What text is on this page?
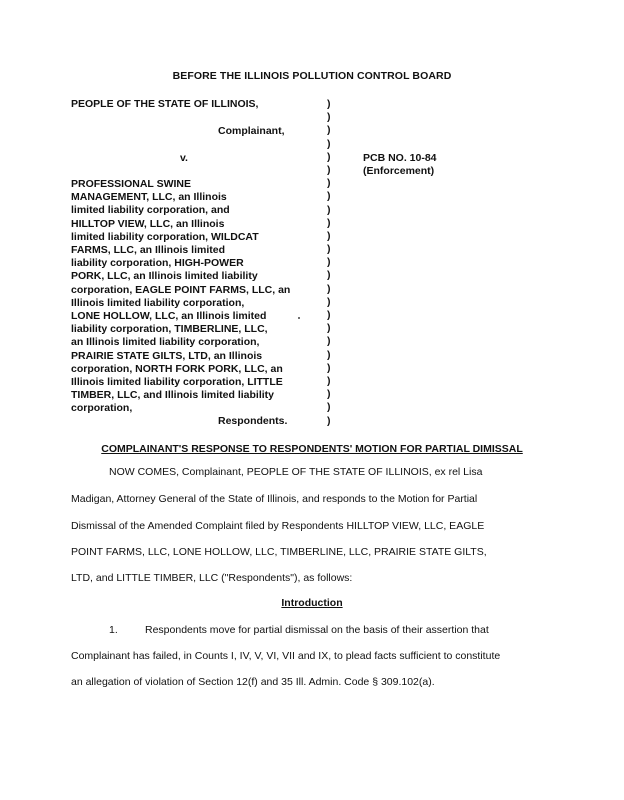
BEFORE THE ILLINOIS POLLUTION CONTROL BOARD
PEOPLE OF THE STATE OF ILLINOIS,
Complainant,
v.
PROFESSIONAL SWINE
MANAGEMENT, LLC, an Illinois
limited liability corporation, and
HILLTOP VIEW, LLC, an Illinois
limited liability corporation, WILDCAT
FARMS, LLC, an Illinois limited
liability corporation, HIGH-POWER
PORK, LLC, an Illinois limited liability
corporation, EAGLE POINT FARMS, LLC, an
Illinois limited liability corporation,
LONE HOLLOW, LLC, an Illinois limited
liability corporation, TIMBERLINE, LLC,
an Illinois limited liability corporation,
PRAIRIE STATE GILTS, LTD, an Illinois
corporation, NORTH FORK PORK, LLC, an
Illinois limited liability corporation, LITTLE
TIMBER, LLC, and Illinois limited liability
corporation,
Respondents.
)
)
)
)
)
)
)
)
)
)
)
)
)
)
)
)
)
)
)
)
)
)
)
)
)
PCB NO. 10-84
(Enforcement)
COMPLAINANT'S RESPONSE TO RESPONDENTS' MOTION FOR PARTIAL DIMISSAL
NOW COMES, Complainant, PEOPLE OF THE STATE OF ILLINOIS, ex rel Lisa
Madigan, Attorney General of the State of Illinois, and responds to the Motion for Partial
Dismissal of the Amended Complaint filed by Respondents HILLTOP VIEW, LLC, EAGLE
POINT FARMS, LLC, LONE HOLLOW, LLC, TIMBERLINE, LLC, PRAIRIE STATE GILTS,
LTD, and LITTLE TIMBER, LLC ("Respondents"), as follows:
Introduction
1.	Respondents move for partial dismissal on the basis of their assertion that
Complainant has failed, in Counts I, IV, V, VI, VII and IX, to plead facts sufficient to constitute
an allegation of violation of Section 12(f) and 35 Ill. Admin. Code § 309.102(a).
